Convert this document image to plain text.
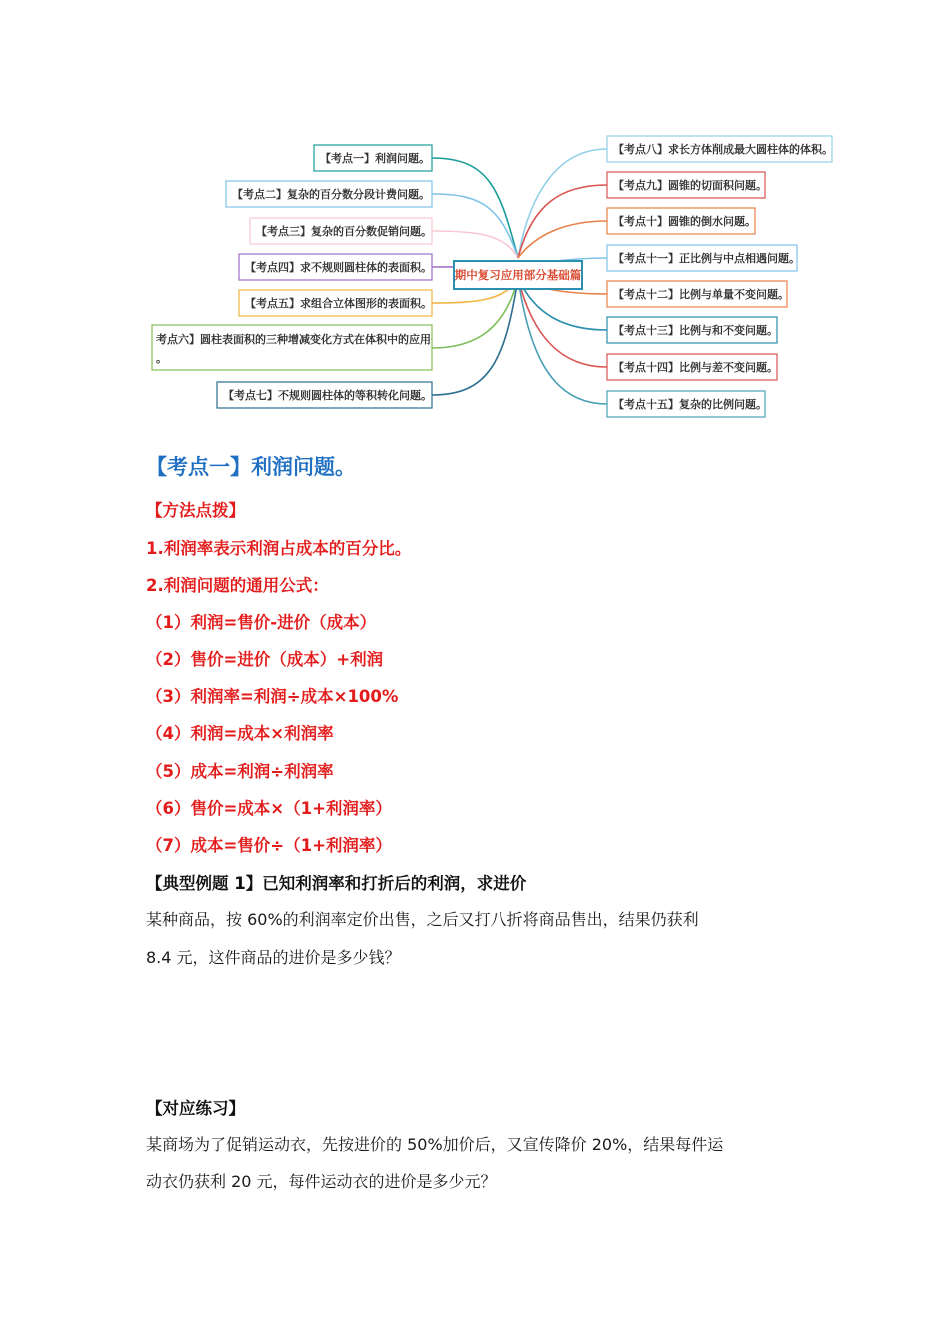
期中复习应用部分基础篇
【考点一】利润问题。
【考点二】复杂的百分数分段计费问题。
【考点三】复杂的百分数促销问题。
【考点四】求不规则圆柱体的表面积。
【考点五】求组合立体图形的表面积。
考点六】圆柱表面积的三种增减变化方式在体积中的应用
。
【考点七】不规则圆柱体的等积转化问题。
【考点八】求长方体削成最大圆柱体的体积。
【考点九】圆锥的切面积问题。
【考点十】圆锥的倒水问题。
【考点十一】正比例与中点相遇问题。
【考点十二】比例与单量不变问题。
【考点十三】比例与和不变问题。
【考点十四】比例与差不变问题。
【考点十五】复杂的比例问题。
【考点一】利润问题。
【方法点拨】
1.利润率表示利润占成本的百分比。
2.利润问题的通用公式：
（1）利润=售价-进价（成本）
（2）售价=进价（成本）+利润
（3）利润率=利润÷成本×100%
（4）利润=成本×利润率
（5）成本=利润÷利润率
（6）售价=成本×（1+利润率）
（7）成本=售价÷（1+利润率）
【典型例题 1】已知利润率和打折后的利润，求进价
某种商品，按 60%的利润率定价出售，之后又打八折将商品售出，结果仍获利
8.4 元，这件商品的进价是多少钱？
【对应练习】
某商场为了促销运动衣，先按进价的 50%加价后，又宣传降价 20%，结果每件运
动衣仍获利 20 元，每件运动衣的进价是多少元？
